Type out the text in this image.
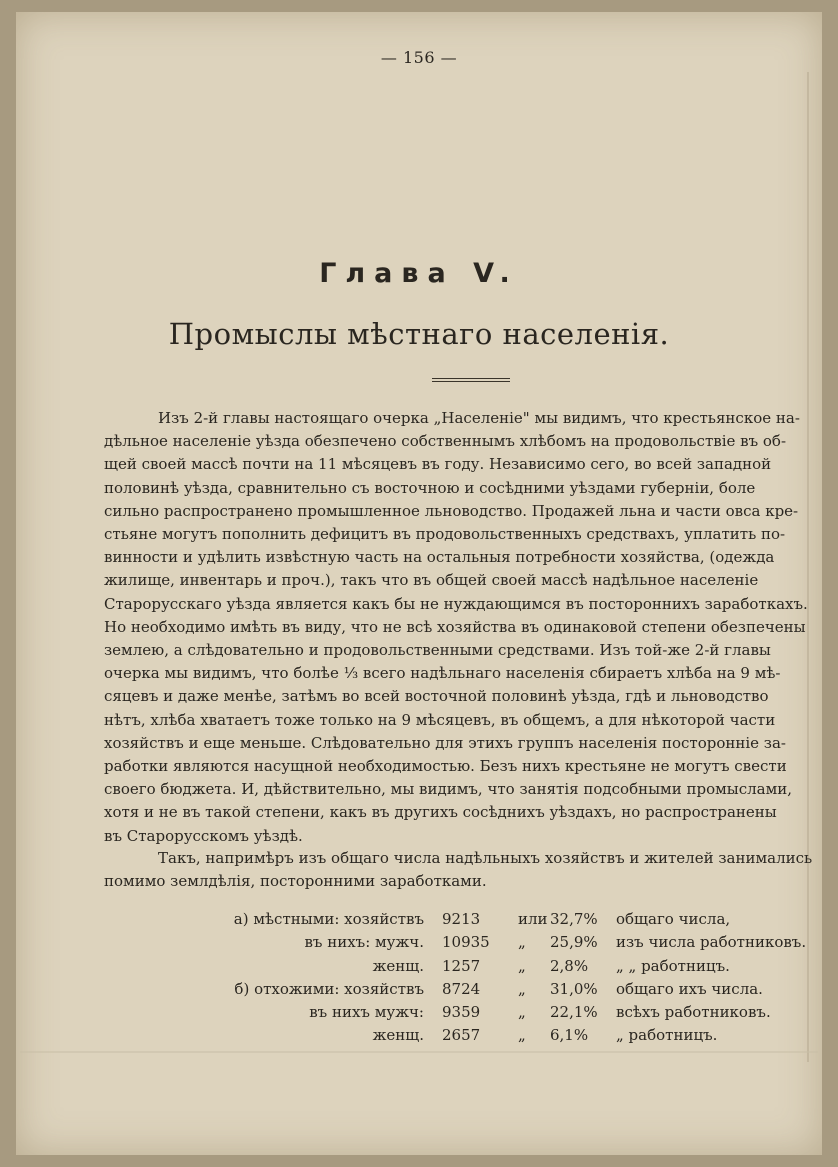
— 156 —
Глава V.
Промыслы мѣстнаго населенія.
Изъ 2-й главы настоящаго очерка „Населеніе" мы видимъ, что крестьянское на-
дѣльное населеніе уѣзда обезпечено собственнымъ хлѣбомъ на продовольствіе въ об-
щей своей массѣ почти на 11 мѣсяцевъ въ году. Независимо сего, во всей западной
половинѣ уѣзда, сравнительно съ восточною и сосѣдними уѣздами губерніи, боле
сильно распространено промышленное льноводство. Продажей льна и части овса кре-
стьяне могутъ пополнить дефицитъ въ продовольственныхъ средствахъ, уплатить по-
винности и удѣлить извѣстную часть на остальныя потребности хозяйства, (одежда
жилище, инвентарь и проч.), такъ что въ общей своей массѣ надѣльное населеніе
Старорусскаго уѣзда является какъ бы не нуждающимся въ постороннихъ заработкахъ.
Но необходимо имѣть въ виду, что не всѣ хозяйства въ одинаковой степени обезпечены
землею, а слѣдовательно и продовольственными средствами. Изъ той-же 2-й главы
очерка мы видимъ, что болѣе ⅓ всего надѣльнаго населенія сбираетъ хлѣба на 9 мѣ-
сяцевъ и даже менѣе, затѣмъ во всей восточной половинѣ уѣзда, гдѣ и льноводство
нѣтъ, хлѣба хватаетъ тоже только на 9 мѣсяцевъ, въ общемъ, а для нѣкоторой части
хозяйствъ и еще меньше. Слѣдовательно для этихъ группъ населенія посторонніе за-
работки являются насущной необходимостью. Безъ нихъ крестьяне не могутъ свести
своего бюджета. И, дѣйствительно, мы видимъ, что занятія подсобными промыслами,
хотя и не въ такой степени, какъ въ другихъ сосѣднихъ уѣздахъ, но распространены
въ Старорусскомъ уѣздѣ.
Такъ, напримѣръ изъ общаго числа надѣльныхъ хозяйствъ и жителей занимались
помимо землдѣлія, посторонними заработками.
а) мѣстными: хозяйствъ 9213	или 32,7% общаго числа,
въ нихъ: мужч. 10935 „ 25,9% изъ числа работниковъ.
женщ. 1257	„ 2,8% „ „ работницъ.
б) отхожими: хозяйствъ 8724	„ 31,0% общаго ихъ числа.
въ нихъ мужч: 9359	„ 22,1% всѣхъ работниковъ.
женщ. 2657	„ 6,1% „ работницъ.
